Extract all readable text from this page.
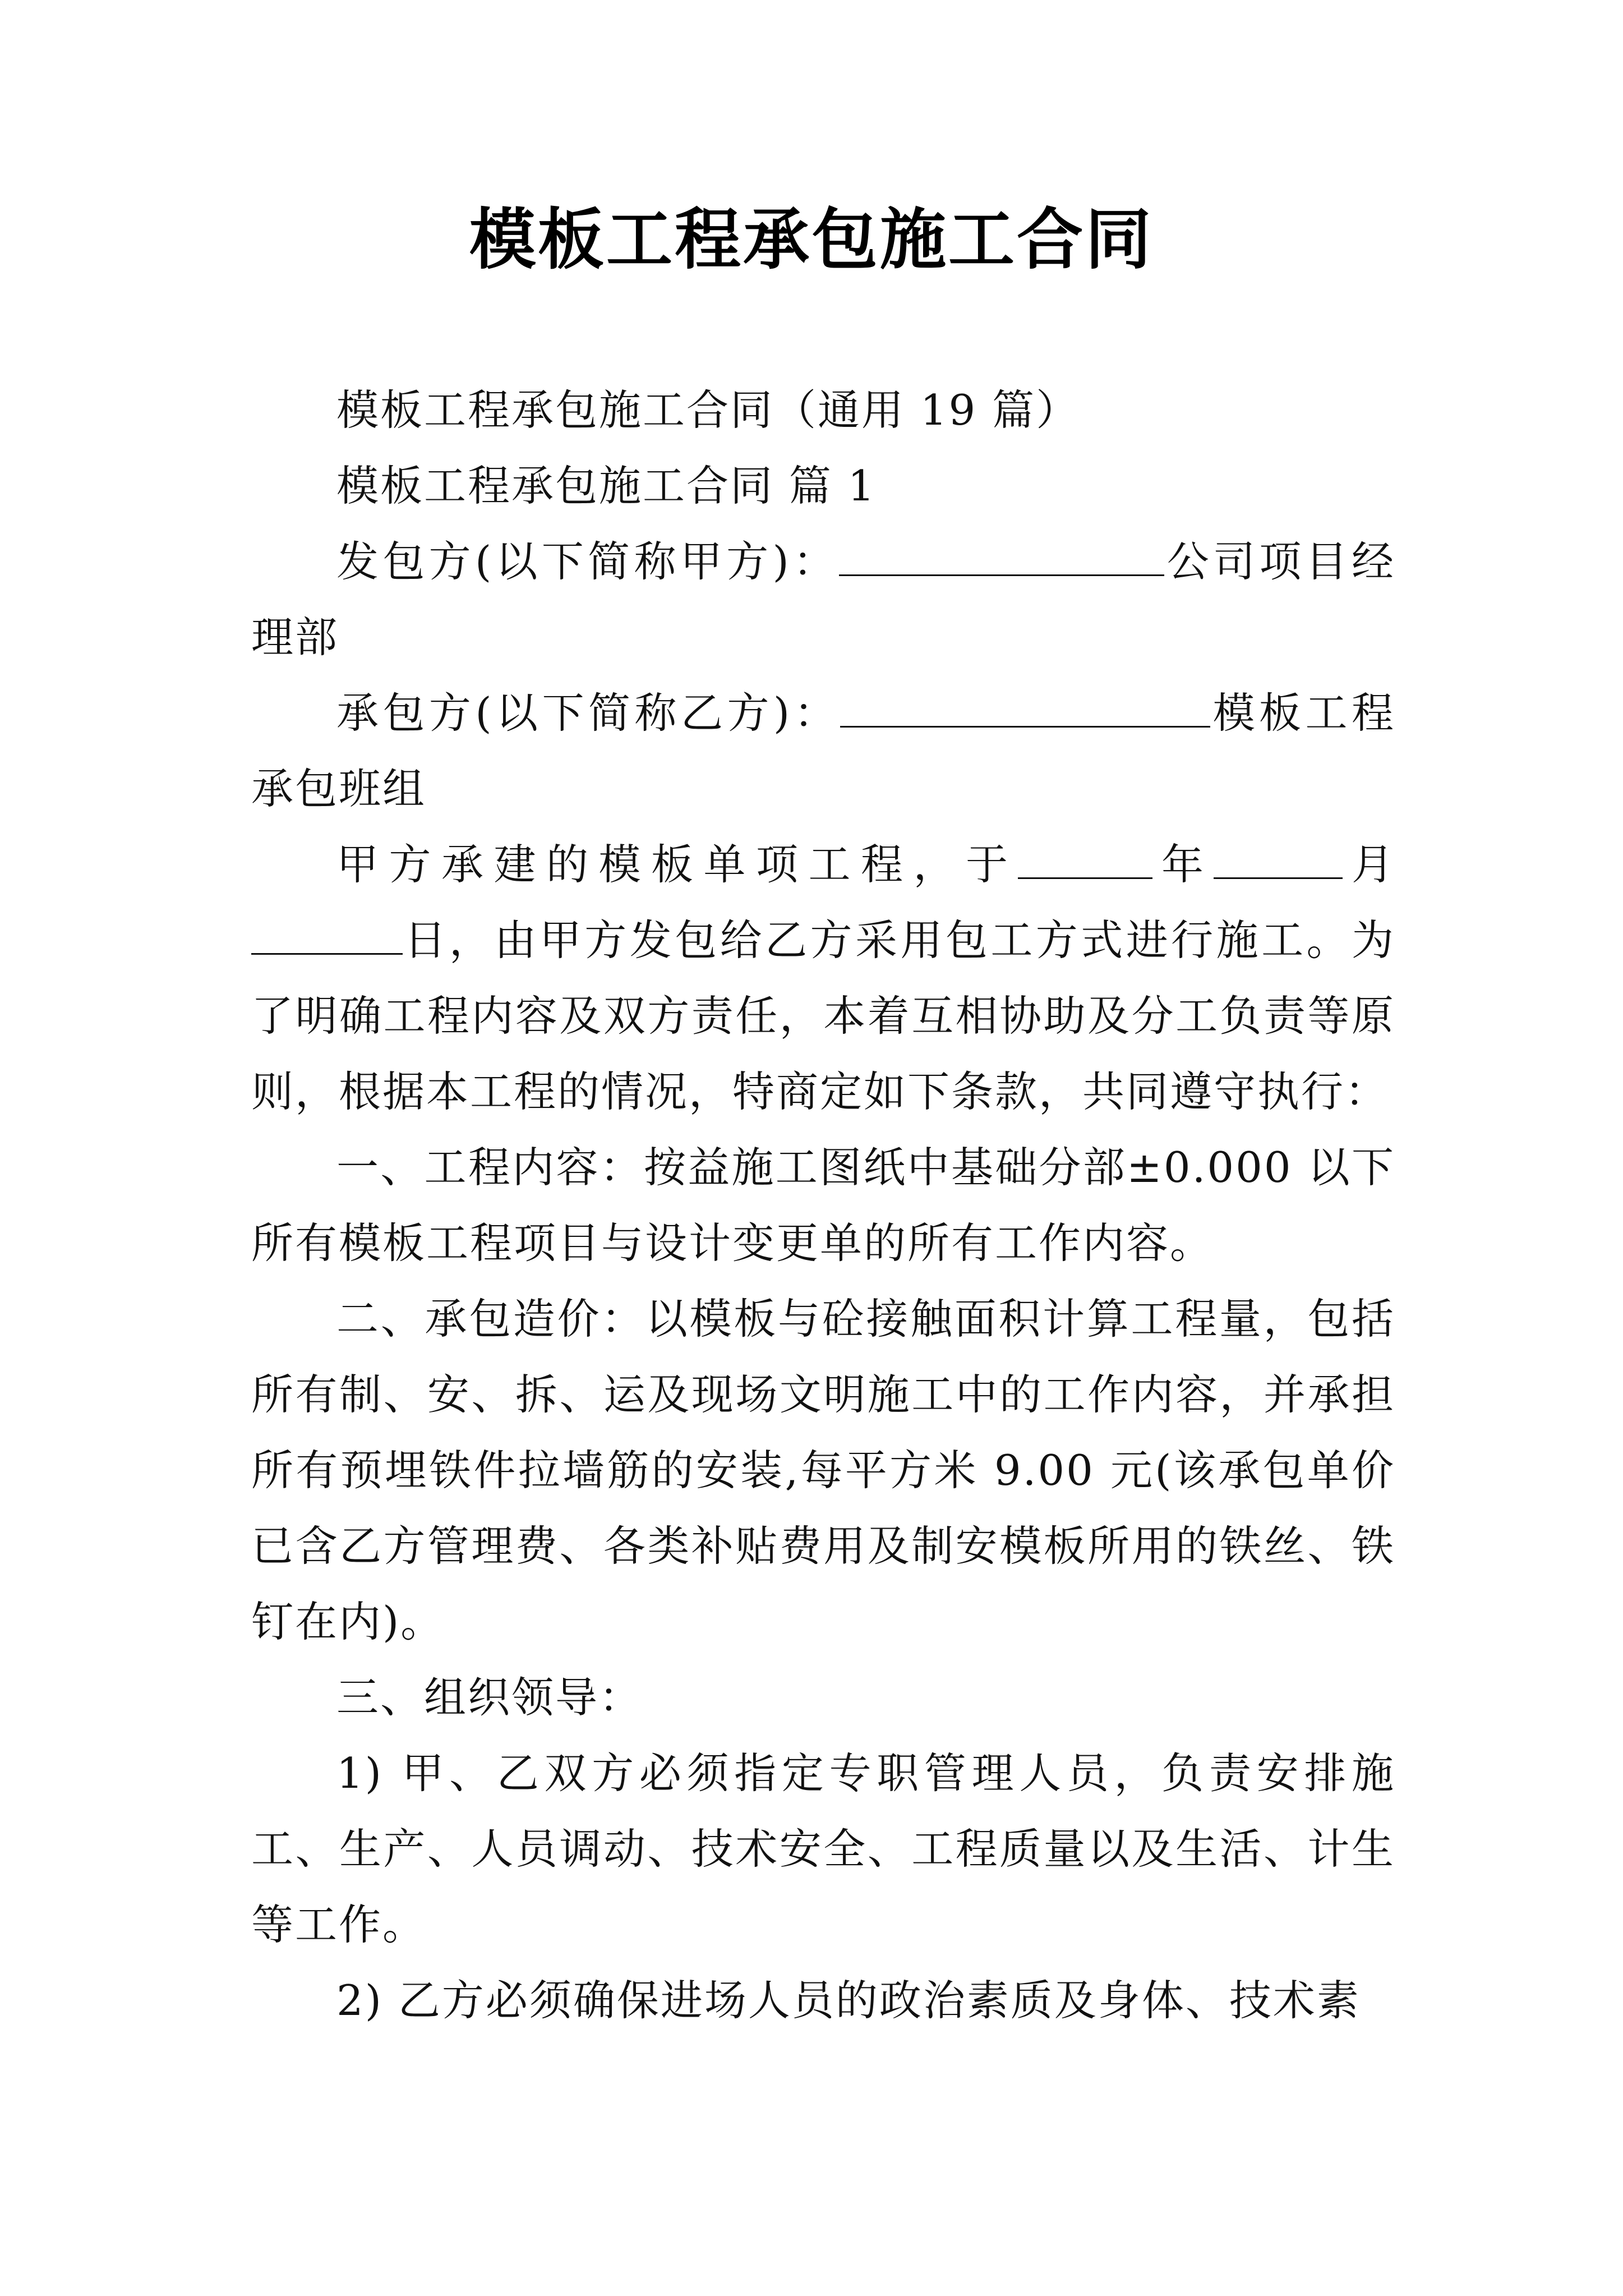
模板工程承包施工合同

模板工程承包施工合同（通用 19 篇）

模板工程承包施工合同 篇 1

发包方(以下简称甲方)：	公司项目经理部

承包方(以下简称乙方)：	模板工程承包班组

甲方承建的模板单项工程，于	年	月日，由甲方发包给乙方采用包工方式进行施工。为了明确工程内容及双方责任，本着互相协助及分工负责等原则，根据本工程的情况，特商定如下条款，共同遵守执行：

一、工程内容：按益施工图纸中基础分部±0.000 以下所有模板工程项目与设计变更单的所有工作内容。

二、承包造价：以模板与砼接触面积计算工程量，包括所有制、安、拆、运及现场文明施工中的工作内容，并承担所有预埋铁件拉墙筋的安装,每平方米 9.00 元(该承包单价已含乙方管理费、各类补贴费用及制安模板所用的铁丝、铁钉在内)。

三、组织领导：

1) 甲、乙双方必须指定专职管理人员，负责安排施工、生产、人员调动、技术安全、工程质量以及生活、计生等工作。

2) 乙方必须确保进场人员的政治素质及身体、技术素
